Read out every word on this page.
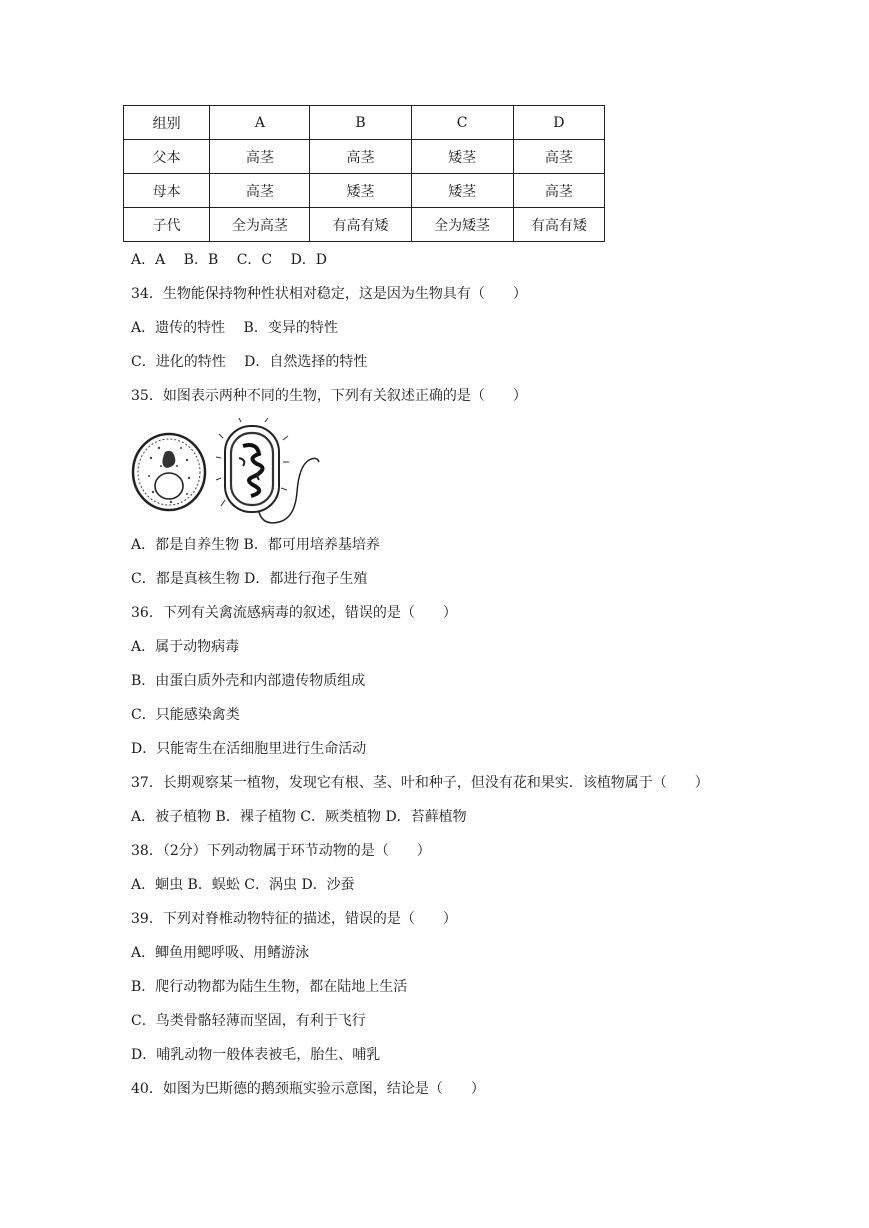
组别	A	B	C	D
父本	高茎	高茎	矮茎	高茎
母本	高茎	矮茎	矮茎	高茎
子代	全为高茎	有高有矮	全为矮茎	有高有矮
A．A　 B．B　 C．C　 D．D
34．生物能保持物种性状相对稳定，这是因为生物具有（　　）
A．遗传的特性　 B．变异的特性
C．进化的特性　 D．自然选择的特性
35．如图表示两种不同的生物，下列有关叙述正确的是（　　）
A．都是自养生物 B．都可用培养基培养
C．都是真核生物 D．都进行孢子生殖
36．下列有关禽流感病毒的叙述，错误的是（　　）
A．属于动物病毒
B．由蛋白质外壳和内部遗传物质组成
C．只能感染禽类
D．只能寄生在活细胞里进行生命活动
37．长期观察某一植物，发现它有根、茎、叶和种子，但没有花和果实．该植物属于（　　）
A．被子植物 B．裸子植物 C．厥类植物 D．苔藓植物
38．（2分）下列动物属于环节动物的是（　　）
A．蛔虫 B．蜈蚣 C．涡虫 D．沙蚕
39．下列对脊椎动物特征的描述，错误的是（　　）
A．鲫鱼用鳃呼吸、用鳍游泳
B．爬行动物都为陆生生物，都在陆地上生活
C．鸟类骨骼轻薄而坚固，有利于飞行
D．哺乳动物一般体表被毛，胎生、哺乳
40．如图为巴斯德的鹅颈瓶实验示意图，结论是（　　）
